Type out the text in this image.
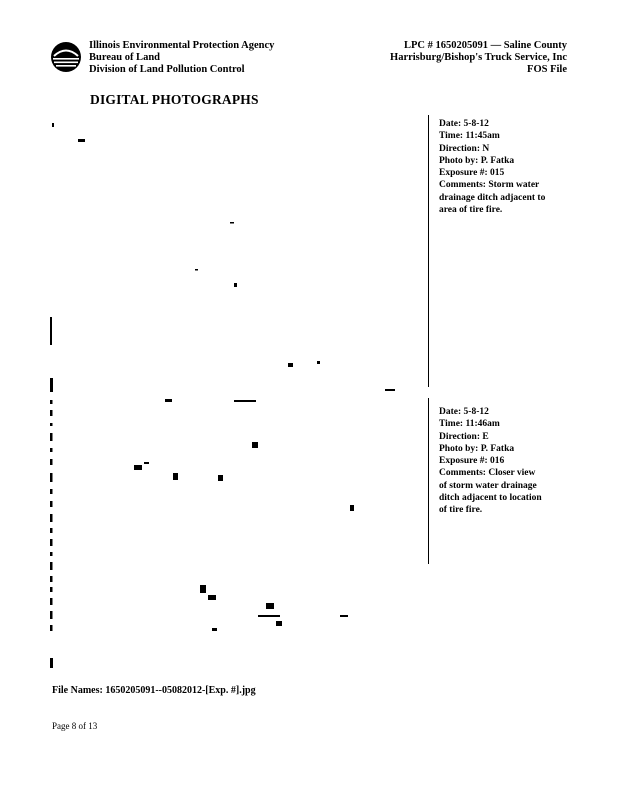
Illinois Environmental Protection Agency
Bureau of Land
Division of Land Pollution Control
LPC # 1650205091 — Saline County
Harrisburg/Bishop's Truck Service, Inc
FOS File
DIGITAL PHOTOGRAPHS
Date: 5-8-12
Time: 11:45am
Direction: N
Photo by: P. Fatka
Exposure #: 015
Comments: Storm water
drainage ditch adjacent to
area of tire fire.
Date: 5-8-12
Time: 11:46am
Direction: E
Photo by: P. Fatka
Exposure #: 016
Comments: Closer view
of storm water drainage
ditch adjacent to location
of tire fire.
File Names: 1650205091--05082012-[Exp. #].jpg
Page 8 of 13
